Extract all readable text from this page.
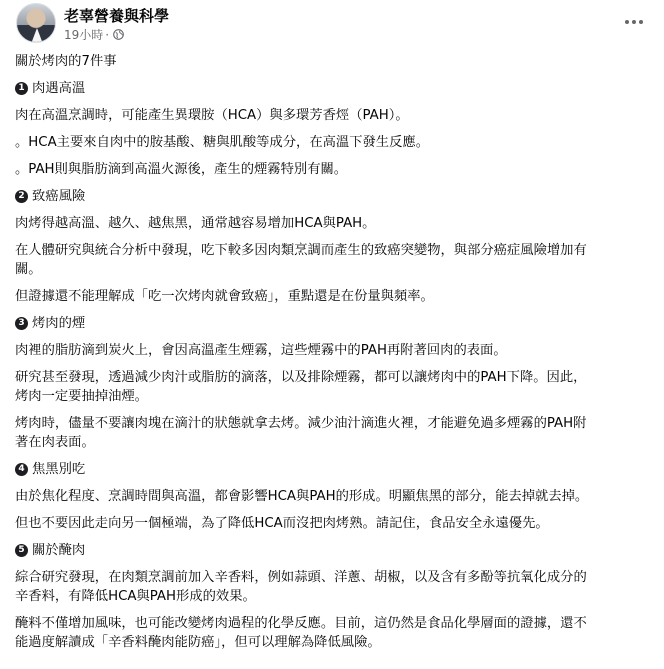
老辜營養與科學
19小時 ·
關於烤肉的7件事
1 肉遇高溫
肉在高溫烹調時，可能產生異環胺（HCA）與多環芳香烴（PAH）。
。HCA主要來自肉中的胺基酸、糖與肌酸等成分，在高溫下發生反應。
。PAH則與脂肪滴到高溫火源後，產生的煙霧特別有關。
2 致癌風險
肉烤得越高溫、越久、越焦黑，通常越容易增加HCA與PAH。
在人體研究與統合分析中發現，吃下較多因肉類烹調而產生的致癌突變物，與部分癌症風險增加有
關。
但證據還不能理解成「吃一次烤肉就會致癌」，重點還是在份量與頻率。
3 烤肉的煙
肉裡的脂肪滴到炭火上，會因高溫產生煙霧，這些煙霧中的PAH再附著回肉的表面。
研究甚至發現，透過減少肉汁或脂肪的滴落，以及排除煙霧，都可以讓烤肉中的PAH下降。因此，
烤肉一定要抽掉油煙。
烤肉時，儘量不要讓肉塊在滴汁的狀態就拿去烤。減少油汁滴進火裡，才能避免過多煙霧的PAH附
著在肉表面。
4 焦黑別吃
由於焦化程度、烹調時間與高溫，都會影響HCA與PAH的形成。明顯焦黑的部分，能去掉就去掉。
但也不要因此走向另一個極端，為了降低HCA而沒把肉烤熟。請記住，食品安全永遠優先。
5 關於醃肉
綜合研究發現，在肉類烹調前加入辛香料，例如蒜頭、洋蔥、胡椒，以及含有多酚等抗氧化成分的
辛香料，有降低HCA與PAH形成的效果。
醃料不僅增加風味，也可能改變烤肉過程的化學反應。目前，這仍然是食品化學層面的證據，還不
能過度解讀成「辛香料醃肉能防癌」，但可以理解為降低風險。
